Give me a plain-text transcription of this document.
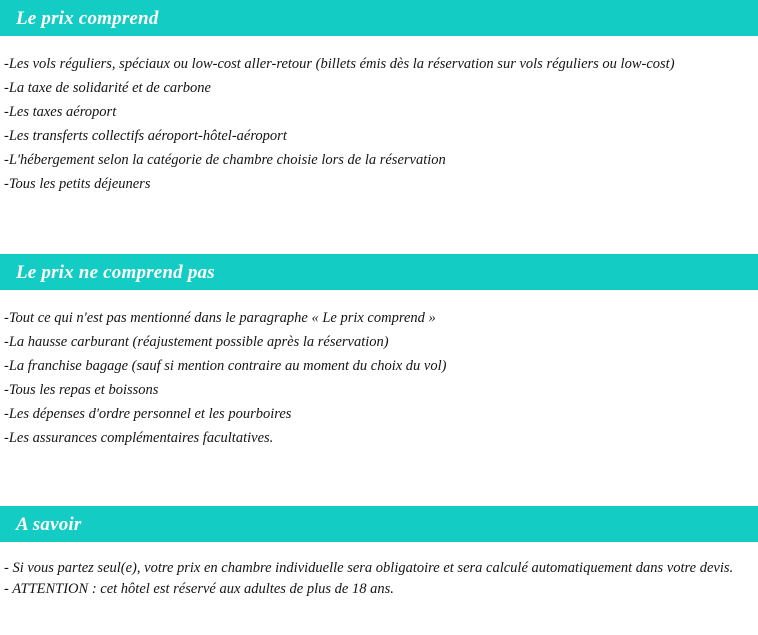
Le prix comprend
-Les vols réguliers, spéciaux ou low-cost aller-retour (billets émis dès la réservation sur vols réguliers ou low-cost)
-La taxe de solidarité et de carbone
-Les taxes aéroport
-Les transferts collectifs aéroport-hôtel-aéroport
-L'hébergement selon la catégorie de chambre choisie lors de la réservation
-Tous les petits déjeuners
Le prix ne comprend pas
-Tout ce qui n'est pas mentionné dans le paragraphe « Le prix comprend »
-La hausse carburant (réajustement possible après la réservation)
-La franchise bagage (sauf si mention contraire au moment du choix du vol)
-Tous les repas et boissons
-Les dépenses d'ordre personnel et les pourboires
-Les assurances complémentaires facultatives.
A savoir
- Si vous partez seul(e), votre prix en chambre individuelle sera obligatoire et sera calculé automatiquement dans votre devis.
- ATTENTION : cet hôtel est réservé aux adultes de plus de 18 ans.
